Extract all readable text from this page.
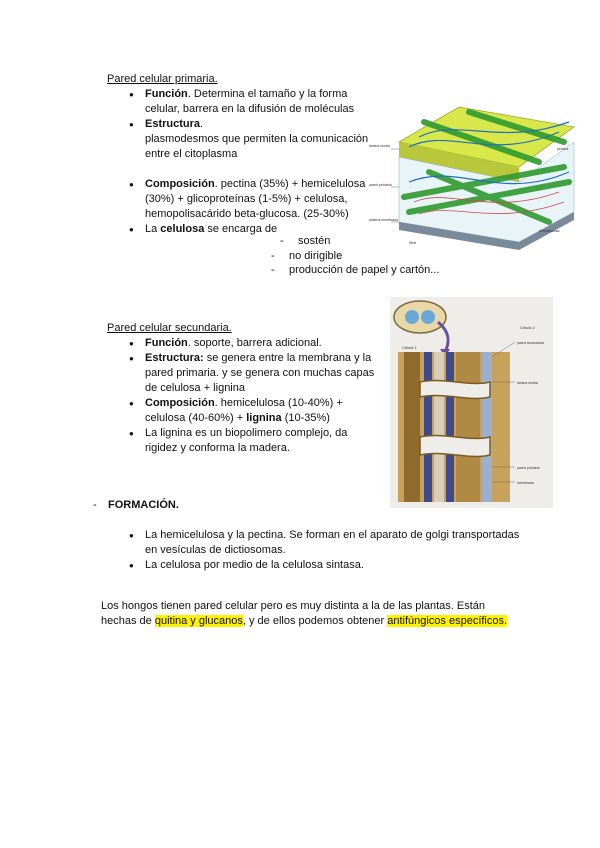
Pared celular primaria.
● Función. Determina el tamaño y la forma celular, barrera en la difusión de moléculas
● Estructura.
plasmodesmos que permiten la comunicación entre el citoplasma
● Composición. pectina (35%) + hemicelulosa (30%) + glicoproteínas (1-5%) + celulosa, hemopolisacárido beta-glucosa. (25-30%)
● La celulosa se encarga de
- sostén
- no dirigible
- producción de papel y cartón...
lámina media
pared primaria
plasma membrana
pectina
hemicelulosa
fibra
Pared celular secundaria.
● Función. soporte, barrera adicional.
● Estructura: se genera entre la membrana y la pared primaria. y se genera con muchas capas de celulosa + lignina
● Composición. hemicelulosa (10-40%) + celulosa (40-60%) + lignina (10-35%)
● La lignina es un biopolimero complejo, da rigidez y conforma la madera.
Célula 1
Célula 2
pared secundaria
lámina media
pared primaria
membrana
- FORMACIÓN.
● La hemicelulosa y la pectina. Se forman en el aparato de golgi transportadas en vesículas de dictiosomas.
● La celulosa por medio de la celulosa sintasa.
Los hongos tienen pared celular pero es muy distinta a la de las plantas. Están
hechas de quitina y glucanos, y de ellos podemos obtener antifúngicos específicos.
